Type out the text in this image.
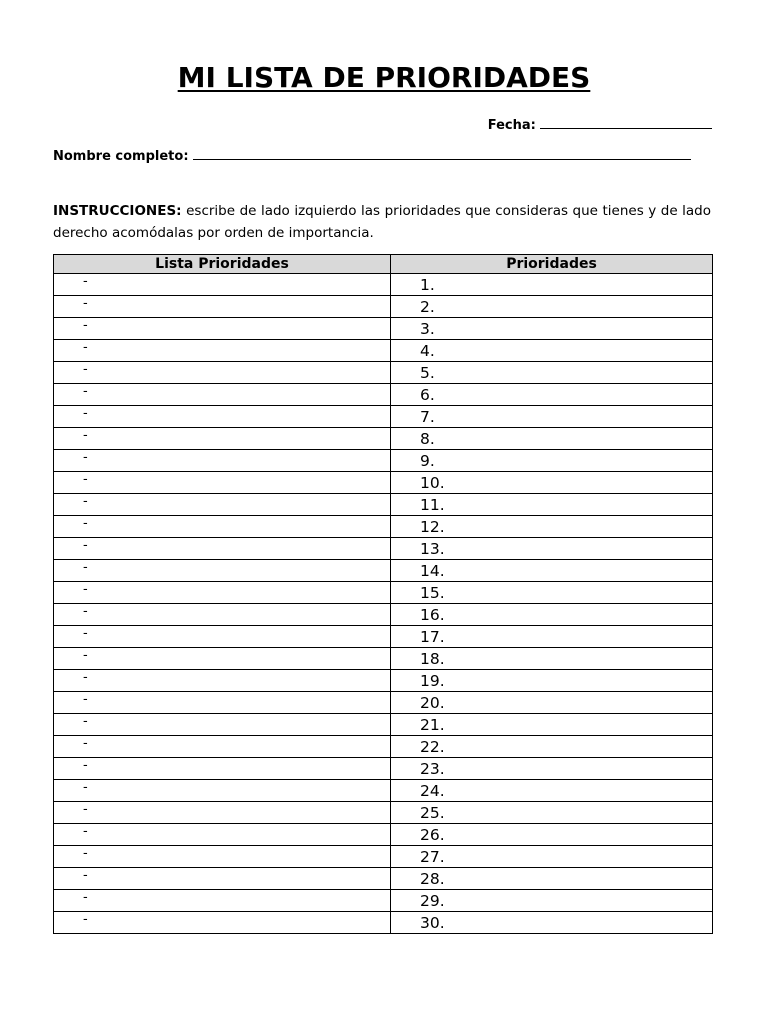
MI LISTA DE PRIORIDADES
Fecha:
Nombre completo:

INSTRUCCIONES: escribe de lado izquierdo las prioridades que consideras que tienes y de lado derecho acomódalas por orden de importancia.

Lista Prioridades	Prioridades

-	1.

-	2.

-	3.

-	4.

-	5.

-	6.

-	7.

-	8.

-	9.

-	10.

-	11.

-	12.

-	13.

-	14.

-	15.

-	16.

-	17.

-	18.

-	19.

-	20.

-	21.

-	22.

-	23.

-	24.

-	25.

-	26.

-	27.

-	28.

-	29.

-	30.
